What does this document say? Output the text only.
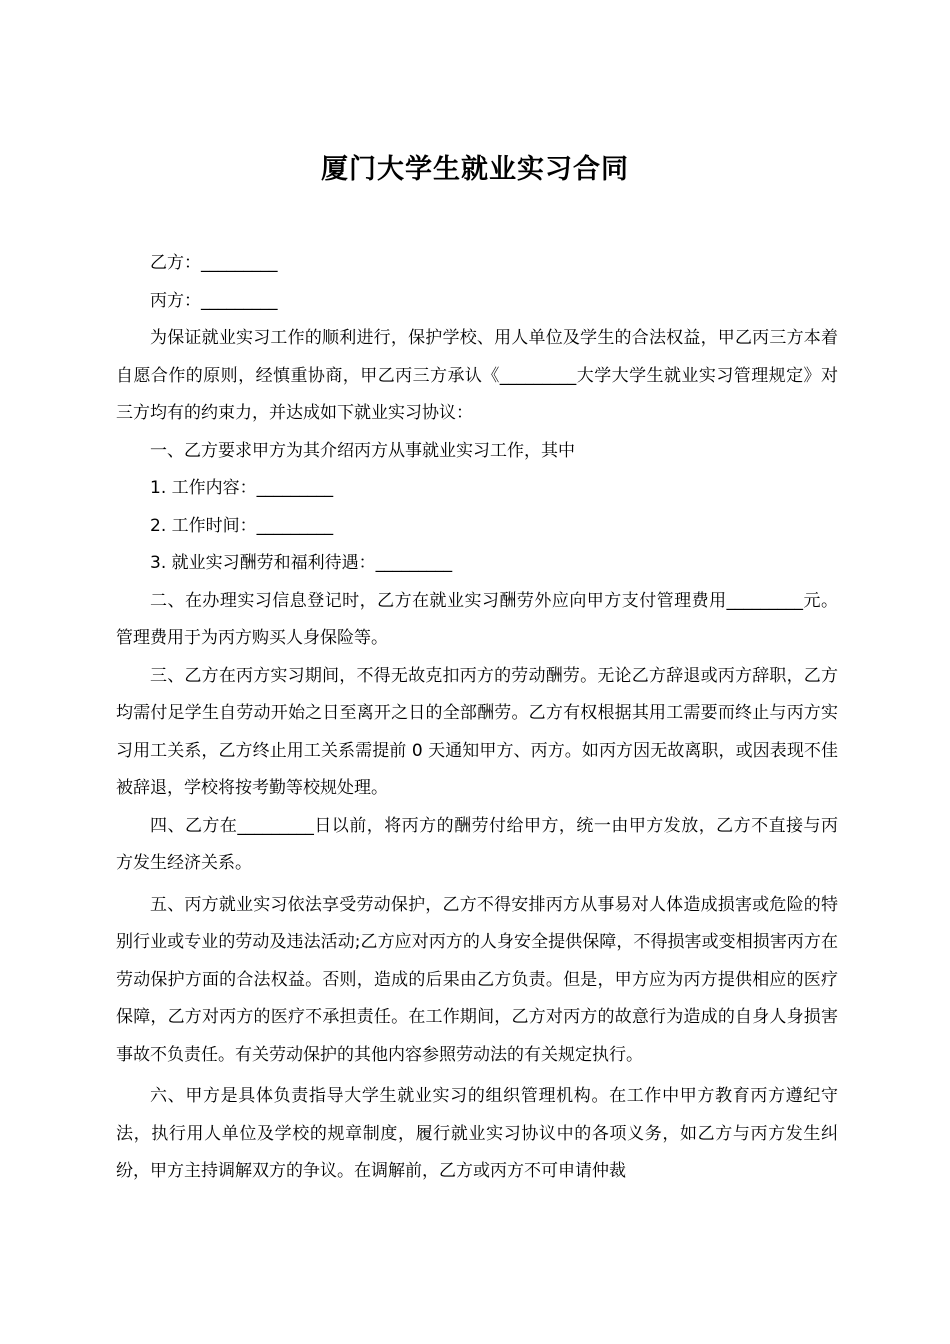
厦门大学生就业实习合同

乙方：_________

丙方：_________

为保证就业实习工作的顺利进行，保护学校、用人单位及学生的合法权益，甲乙丙三方本着自愿合作的原则，经慎重协商，甲乙丙三方承认《_________大学大学生就业实习管理规定》对三方均有的约束力，并达成如下就业实习协议：

一、乙方要求甲方为其介绍丙方从事就业实习工作，其中

1. 工作内容：_________

2. 工作时间：_________

3. 就业实习酬劳和福利待遇：_________

二、在办理实习信息登记时，乙方在就业实习酬劳外应向甲方支付管理费用_________元。管理费用于为丙方购买人身保险等。

三、乙方在丙方实习期间，不得无故克扣丙方的劳动酬劳。无论乙方辞退或丙方辞职，乙方均需付足学生自劳动开始之日至离开之日的全部酬劳。乙方有权根据其用工需要而终止与丙方实习用工关系，乙方终止用工关系需提前 0 天通知甲方、丙方。如丙方因无故离职，或因表现不佳被辞退，学校将按考勤等校规处理。

四、乙方在_________日以前，将丙方的酬劳付给甲方，统一由甲方发放，乙方不直接与丙方发生经济关系。

五、丙方就业实习依法享受劳动保护，乙方不得安排丙方从事易对人体造成损害或危险的特别行业或专业的劳动及违法活动;乙方应对丙方的人身安全提供保障，不得损害或变相损害丙方在劳动保护方面的合法权益。否则，造成的后果由乙方负责。但是，甲方应为丙方提供相应的医疗保障，乙方对丙方的医疗不承担责任。在工作期间，乙方对丙方的故意行为造成的自身人身损害事故不负责任。有关劳动保护的其他内容参照劳动法的有关规定执行。

六、甲方是具体负责指导大学生就业实习的组织管理机构。在工作中甲方教育丙方遵纪守法，执行用人单位及学校的规章制度，履行就业实习协议中的各项义务，如乙方与丙方发生纠纷，甲方主持调解双方的争议。在调解前，乙方或丙方不可申请仲裁
